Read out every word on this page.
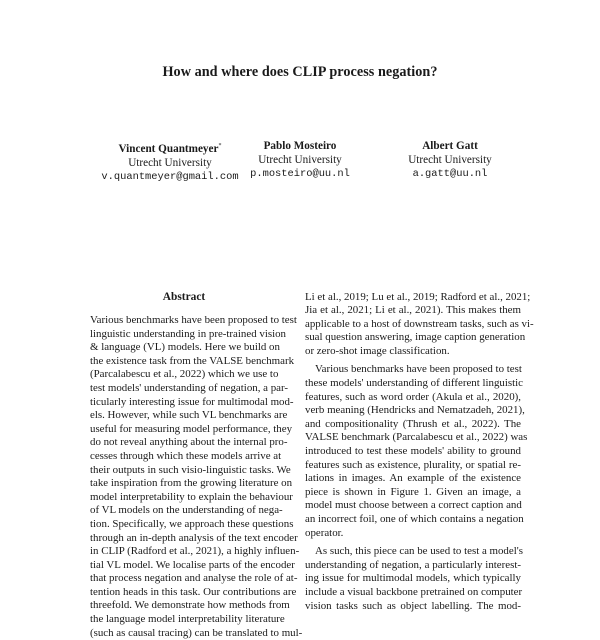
How and where does CLIP process negation?
Vincent Quantmeyer*
Utrecht University
v.quantmeyer@gmail.com
Pablo Mosteiro
Utrecht University
p.mosteiro@uu.nl
Albert Gatt
Utrecht University
a.gatt@uu.nl
Abstract
Various benchmarks have been proposed to test
linguistic understanding in pre-trained vision
& language (VL) models. Here we build on
the existence task from the VALSE benchmark
(Parcalabescu et al., 2022) which we use to
test models' understanding of negation, a par-
ticularly interesting issue for multimodal mod-
els. However, while such VL benchmarks are
useful for measuring model performance, they
do not reveal anything about the internal pro-
cesses through which these models arrive at
their outputs in such visio-linguistic tasks. We
take inspiration from the growing literature on
model interpretability to explain the behaviour
of VL models on the understanding of nega-
tion. Specifically, we approach these questions
through an in-depth analysis of the text encoder
in CLIP (Radford et al., 2021), a highly influen-
tial VL model. We localise parts of the encoder
that process negation and analyse the role of at-
tention heads in this task. Our contributions are
threefold. We demonstrate how methods from
the language model interpretability literature
(such as causal tracing) can be translated to mul-
Li et al., 2019; Lu et al., 2019; Radford et al., 2021;
Jia et al., 2021; Li et al., 2021). This makes them
applicable to a host of downstream tasks, such as vi-
sual question answering, image caption generation
or zero-shot image classification.
Various benchmarks have been proposed to test
these models' understanding of different linguistic
features, such as word order (Akula et al., 2020),
verb meaning (Hendricks and Nematzadeh, 2021),
and compositionality (Thrush et al., 2022). The
VALSE benchmark (Parcalabescu et al., 2022) was
introduced to test these models' ability to ground
features such as existence, plurality, or spatial re-
lations in images. An example of the existence
piece is shown in Figure 1. Given an image, a
model must choose between a correct caption and
an incorrect foil, one of which contains a negation
operator.
As such, this piece can be used to test a model's
understanding of negation, a particularly interest-
ing issue for multimodal models, which typically
include a visual backbone pretrained on computer
vision tasks such as object labelling. The mod-
